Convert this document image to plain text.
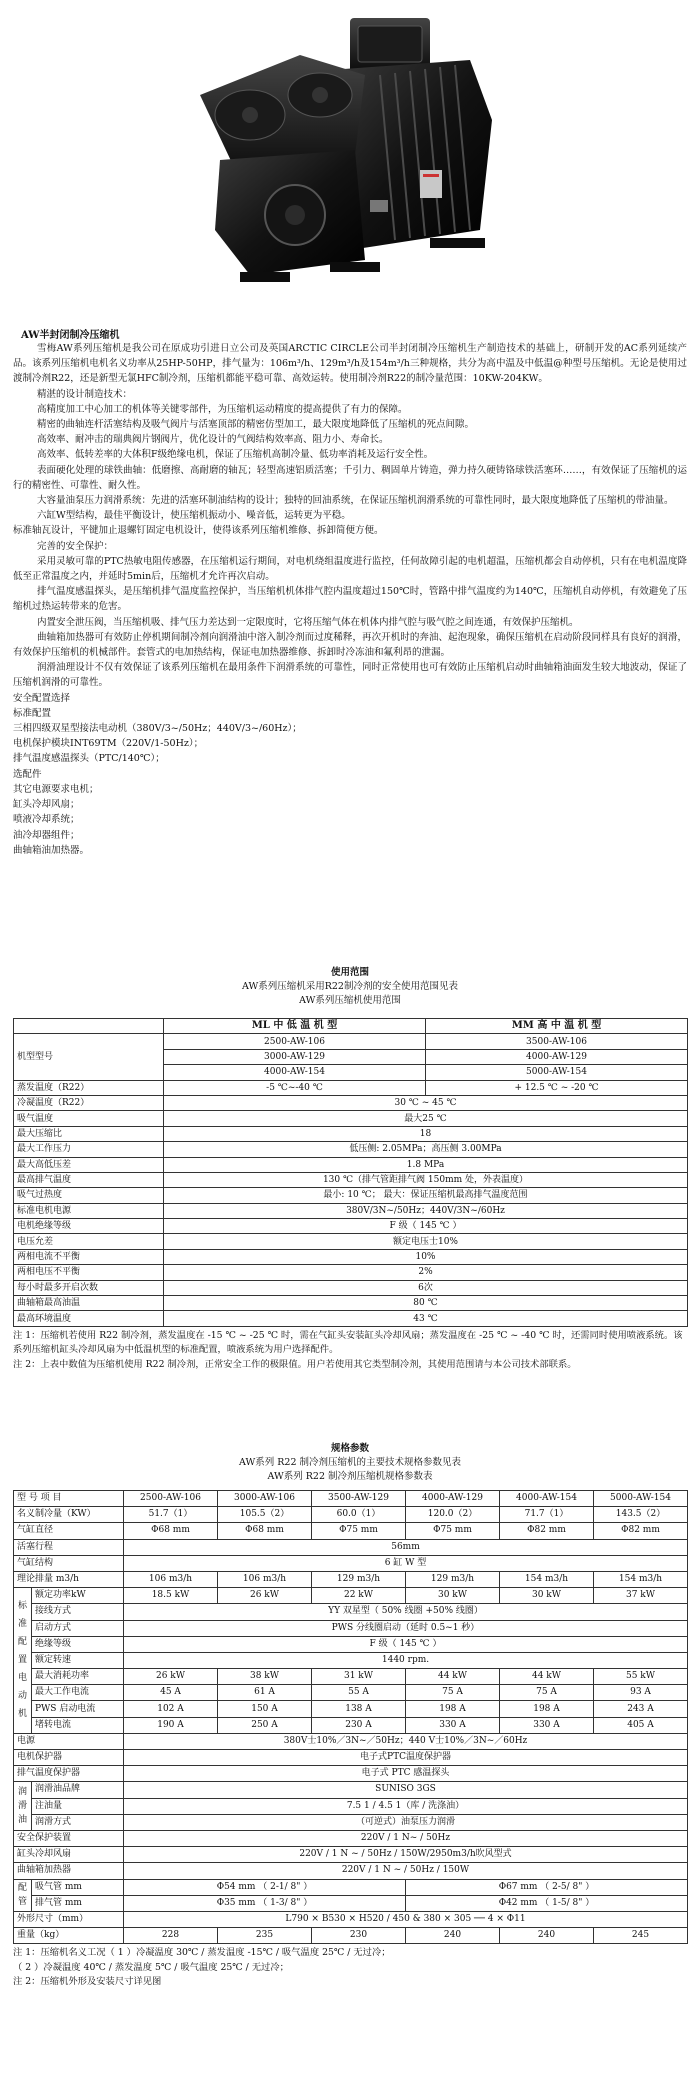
AW半封闭制冷压缩机

雪梅AW系列压缩机是我公司在原成功引进日立公司及英国ARCTIC CIRCLE公司半封闭制冷压缩机生产制造技术的基础上，研制开发的AC系列延续产品。该系列压缩机电机名义功率从25HP-50HP，排气量为：106m³/h、129m³/h及154m³/h三种规格，共分为高中温及中低温@种型号压缩机。无论是使用过渡制冷剂R22，还是新型无氯HFC制冷剂，压缩机都能平稳可靠、高效运转。使用制冷剂R22的制冷量范围：10KW-204KW。

精湛的设计制造技术：

高精度加工中心加工的机体等关键零部件，为压缩机运动精度的提高提供了有力的保障。

精密的曲轴连杆活塞结构及吸气阀片与活塞顶部的精密仿型加工，最大限度地降低了压缩机的死点间隙。

高效率、耐冲击的瑞典阀片钢阀片，优化设计的气阀结构效率高、阻力小、寿命长。

高效率、低转差率的大体积F级绝缘电机，保证了压缩机高制冷量、低功率消耗及运行安全性。

表面硬化处理的球铁曲轴：低磨擦、高耐磨的轴瓦；轻型高速铝质活塞；千引力、稠固单片铸造，弹力持久硬铸铬球铁活塞环……，有效保证了压缩机的运行的精密性、可靠性、耐久性。

大容量油泵压力润滑系统：先进的活塞环制油结构的设计；独特的回油系统，在保证压缩机润滑系统的可靠性同时，最大限度地降低了压缩机的带油量。

六缸W型结构，最佳平衡设计，使压缩机振动小、噪音低，运转更为平稳。

标准轴瓦设计，平键加止退螺钉固定电机设计，使得该系列压缩机维修、拆卸简便方便。

完善的安全保护：

采用灵敏可靠的PTC热敏电阻传感器，在压缩机运行期间，对电机绕组温度进行监控，任何故障引起的电机超温，压缩机都会自动停机，只有在电机温度降低至正常温度之内，并延时5min后，压缩机才允许再次启动。

排气温度感温探头，是压缩机排气温度监控保护，当压缩机机体排气腔内温度超过150℃时，管路中排气温度约为140℃，压缩机自动停机，有效避免了压缩机过热运转带来的危害。

内置安全泄压阀，当压缩机吸、排气压力差达到一定限度时，它将压缩气体在机体内排气腔与吸气腔之间连通，有效保护压缩机。

曲轴箱加热器可有效防止停机期间制冷剂向润滑油中溶入制冷剂而过度稀释，再次开机时的奔油、起泡现象，确保压缩机在启动阶段同样具有良好的润滑，有效保护压缩机的机械部件。套管式的电加热结构，保证电加热器维修、拆卸时冷冻油和氟利昂的泄漏。

润滑油理设计不仅有效保证了该系列压缩机在最用条件下润滑系统的可靠性，同时正常使用也可有效防止压缩机启动时曲轴箱油面发生较大地波动，保证了压缩机润滑的可靠性。

安全配置选择

标准配置

三相四级双星型接法电动机（380V/3~/50Hz；440V/3~/60Hz）；

电机保护模块INT69TM（220V/1-50Hz）；

排气温度感温探头（PTC/140℃）；

选配件

其它电源要求电机；

缸头冷却风扇；

喷液冷却系统；

油冷却器组件；

曲轴箱油加热器。

使用范围
AW系列压缩机采用R22制冷剂的安全使用范围见表
AW系列压缩机使用范围
	ML 中 低 温 机 型	MM 高 中 温 机 型
机型型号	2500-AW-106	3500-AW-106
	3000-AW-129	4000-AW-129
	4000-AW-154	5000-AW-154
蒸发温度（R22）	-5 ℃~-40 ℃	+ 12.5 ℃ ~ -20 ℃
冷凝温度（R22）	30 ℃ ~ 45 ℃	
吸气温度	最大25 ℃	
最大压缩比	18	
最大工作压力	低压侧: 2.05MPa；高压侧 3.00MPa	
最大高低压差	1.8 MPa	
最高排气温度	130 ℃（排气管距排气阀 150mm 处，外表温度）	
吸气过热度	最小: 10 ℃； 最大：保证压缩机最高排气温度范围	
标准电机电源	380V/3N~/50Hz；440V/3N~/60Hz	
电机绝缘等级	F 级（ 145 ℃ ）	
电压允差	额定电压士10%	
两相电流不平衡	10%	
两相电压不平衡	2%	
每小时最多开启次数	6次	
曲轴箱最高油温	80 ℃	
最高环境温度	43 ℃	

注 1：压缩机若使用 R22 制冷剂，蒸发温度在 -15 ℃ ~ -25 ℃ 时，需在气缸头安装缸头冷却风扇；蒸发温度在 -25 ℃ ~ -40 ℃ 时，还需同时使用喷液系统。该系列压缩机缸头冷却风扇为中低温机型的标准配置，喷液系统为用户选择配件。

注 2：上表中数值为压缩机使用 R22 制冷剂，正常安全工作的极限值。用户若使用其它类型制冷剂，其使用范围请与本公司技术部联系。

规格参数
AW系列 R22 制冷剂压缩机的主要技术规格参数见表
AW系列 R22 制冷剂压缩机规格参数表
型 号 项 目		2500-AW-106	3000-AW-106	3500-AW-129	4000-AW-129	4000-AW-154	5000-AW-154
名义制冷量（KW）		51.7（1）	105.5（2）	60.0（1）	120.0（2）	71.7（1）	143.5（2）
气缸直径		Φ68 mm	Φ68 mm	Φ75 mm	Φ75 mm	Φ82 mm	Φ82 mm
活塞行程		56mm					
气缸结构		6 缸 W 型					
理论排量 m3/h		106 m3/h	106 m3/h	129 m3/h	129 m3/h	154 m3/h	154 m3/h
标准配置电动机	额定功率kW	18.5 kW	26 kW	22 kW	30 kW	30 kW	37 kW
	接线方式	YY 双星型（ 50% 线圈 +50% 线圈）					
	启动方式	PWS 分线圈启动（延时 0.5~1 秒）					
	绝缘等级	F 级（ 145 ℃ ）					
	额定转速	1440 rpm.					
	最大消耗功率	26 kW	38 kW	31 kW	44 kW	44 kW	55 kW
	最大工作电流	45 A	61 A	55 A	75 A	75 A	93 A
	PWS 启动电流	102 A	150 A	138 A	198 A	198 A	243 A
	堵转电流	190 A	250 A	230 A	330 A	330 A	405 A
电源		380V士10%／3N~／50Hz；440 V士10%／3N~／60Hz					
电机保护器		电子式PTC温度保护器					
排气温度保护器		电子式 PTC 感温探头					
润滑油	润滑油品牌	SUNISO 3GS					
	注油量	7.5 1 / 4.5 1（库 / 洗涤油）					
	润滑方式	（可逆式）油泵压力润滑					
安全保护装置		220V / 1 N~ / 50Hz					
缸头冷却风扇		220V / 1 N ~ / 50Hz / 150W/2950m3/h吹风型式					
曲轴箱加热器		220V / 1 N ~ / 50Hz / 150W					
配管	吸气管 mm	Φ54 mm （ 2-1/ 8" ）			Φ67 mm （ 2-5/ 8" ）		
	排气管 mm	Φ35 mm （ 1-3/ 8" ）			Φ42 mm （ 1-5/ 8" ）		
外形尺寸（mm）		L790 × B530 × H520 / 450 & 380 × 305 ── 4 × Φ11					
重量（kg）		228	235	230	240	240	245

注 1：压缩机名义工况（ 1 ）冷凝温度 30℃ / 蒸发温度 -15℃ / 吸气温度 25℃ / 无过冷；

（ 2 ）冷凝温度 40℃ / 蒸发温度 5℃ / 吸气温度 25℃ / 无过冷；

注 2：压缩机外形及安装尺寸详见图
